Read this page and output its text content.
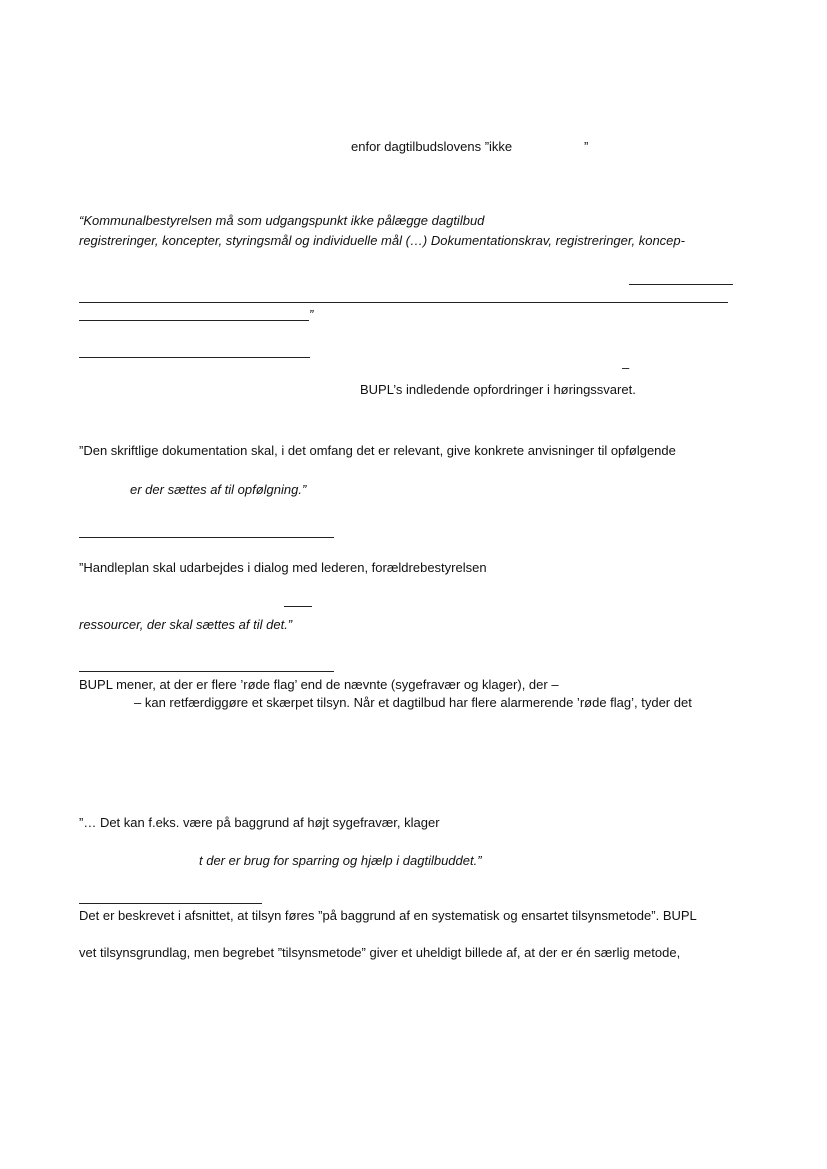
enfor dagtilbudslovens ”ikke	”
“Kommunalbestyrelsen må som udgangspunkt ikke pålægge dagtilbud
registreringer, koncepter, styringsmål og individuelle mål (…) Dokumentationskrav, registreringer, koncep-
”
–
BUPL’s indledende opfordringer i høringssvaret.
”Den skriftlige dokumentation skal, i det omfang det er relevant, give konkrete anvisninger til opfølgende
er der sættes af til opfølgning.”
”Handleplan skal udarbejdes i dialog med lederen, forældrebestyrelsen
ressourcer, der skal sættes af til det.”
BUPL mener, at der er flere ’røde flag’ end de nævnte (sygefravær og klager), der –
– kan retfærdiggøre et skærpet tilsyn. Når et dagtilbud har flere alarmerende ’røde flag’, tyder det
”… Det kan f.eks. være på baggrund af højt sygefravær, klager
t der er brug for sparring og hjælp i dagtilbuddet.”
Det er beskrevet i afsnittet, at tilsyn føres ”på baggrund af en systematisk og ensartet tilsynsmetode”. BUPL
vet tilsynsgrundlag, men begrebet ”tilsynsmetode” giver et uheldigt billede af, at der er én særlig metode,
